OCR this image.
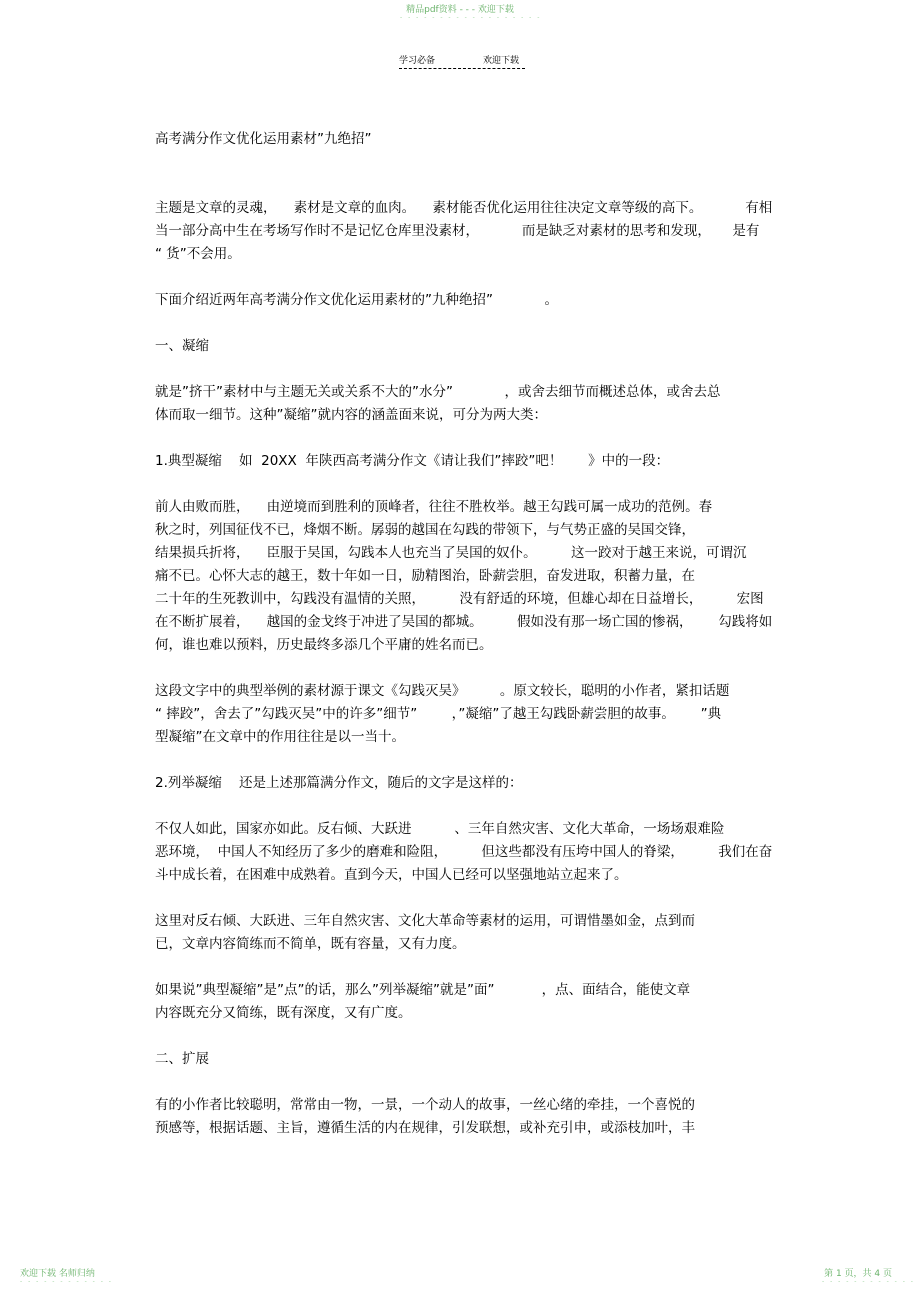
精品pdf资料 - - - 欢迎下载
- - - - - - - - - - - - - - - - - -
学习必备	欢迎下载
高考满分作文优化运用素材”九绝招”
主题是文章的灵魂，    素材是文章的血肉。    素材能否优化运用往往决定文章等级的高下。          有相
当一部分高中生在考场写作时不是记忆仓库里没素材，          而是缺乏对素材的思考和发现，     是有
“ 货”不会用。
下面介绍近两年高考满分作文优化运用素材的”九种绝招”            。
一、凝缩
就是”挤干”素材中与主题无关或关系不大的”水分”            ，或舍去细节而概述总体，或舍去总
体而取一细节。这种”凝缩”就内容的涵盖面来说，可分为两大类：
1.典型凝缩    如  20XX  年陕西高考满分作文《请让我们”摔跤”吧！      》中的一段：
前人由败而胜，    由逆境而到胜利的顶峰者，往往不胜枚举。越王勾践可属一成功的范例。春
秋之时，列国征伐不已，烽烟不断。孱弱的越国在勾践的带领下，与气势正盛的吴国交锋，
结果损兵折将，    臣服于吴国，勾践本人也充当了吴国的奴仆。        这一跤对于越王来说，可谓沉
痛不已。心怀大志的越王，数十年如一日，励精图治，卧薪尝胆，奋发进取，积蓄力量，在
二十年的生死教训中，勾践没有温情的关照，        没有舒适的环境，但雄心却在日益增长，        宏图
在不断扩展着，    越国的金戈终于冲进了吴国的都城。        假如没有那一场亡国的惨祸，      勾践将如
何，谁也难以预料，历史最终多添几个平庸的姓名而已。
这段文字中的典型举例的素材源于课文《勾践灭吴》        。原文较长，聪明的小作者，紧扣话题
“ 摔跤”，舍去了”勾践灭吴”中的许多”细节”        ，”凝缩”了越王勾践卧薪尝胆的故事。      ”典
型凝缩”在文章中的作用往往是以一当十。
2.列举凝缩    还是上述那篇满分作文，随后的文字是这样的：
不仅人如此，国家亦如此。反右倾、大跃进          、三年自然灾害、文化大革命，一场场艰难险
恶环境，  中国人不知经历了多少的磨难和险阻，        但这些都没有压垮中国人的脊梁，        我们在奋
斗中成长着，在困难中成熟着。直到今天，中国人已经可以坚强地站立起来了。
这里对反右倾、大跃进、三年自然灾害、文化大革命等素材的运用，可谓惜墨如金，点到而
已，文章内容简练而不简单，既有容量，又有力度。
如果说”典型凝缩”是”点”的话，那么”列举凝缩”就是”面”           ，点、面结合，能使文章
内容既充分又简练，既有深度，又有广度。
二、扩展
有的小作者比较聪明，常常由一物，一景，一个动人的故事，一丝心绪的牵挂，一个喜悦的
预感等，根据话题、主旨，遵循生活的内在规律，引发联想，或补充引申，或添枝加叶，丰
欢迎下载 名师归纳
- - - - - - - - - - - -
第 1 页，共 4 页
- - - - - - - - - - - -
